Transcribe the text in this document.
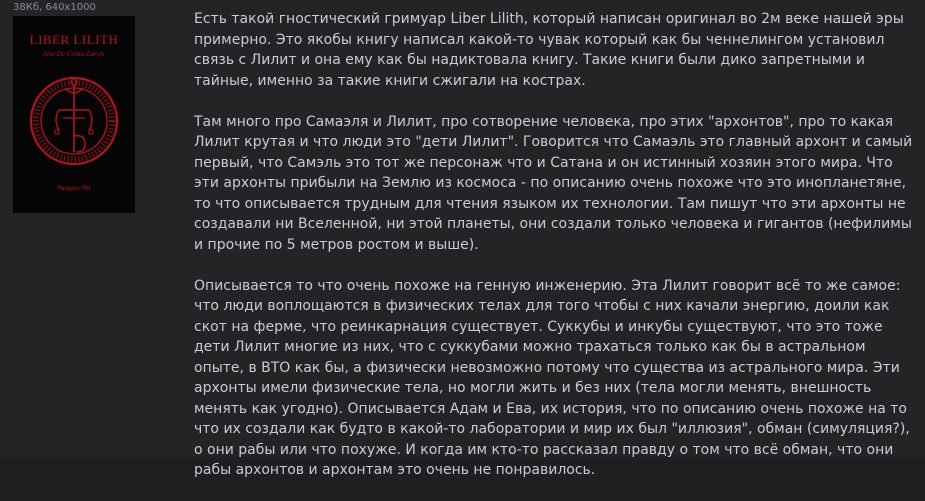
38Кб, 640x1000
LIBER LILITH
Sive De Coitus Larvis
Sanguis Shi

Есть такой гностический гримуар Liber Lilith, который написан оригинал во 2м веке нашей эры примерно. Это якобы книгу написал какой-то чувак который как бы ченнелингом установил связь с Лилит и она ему как бы надиктовала книгу. Такие книги были дико запретными и тайные, именно за такие книги сжигали на кострах.

Там много про Самаэля и Лилит, про сотворение человека, про этих "архонтов", про то какая Лилит крутая и что люди это "дети Лилит". Говорится что Самаэль это главный архонт и самый первый, что Самэль это тот же персонаж что и Сатана и он истинный хозяин этого мира. Что эти архонты прибыли на Землю из космоса - по описанию очень похоже что это инопланетяне, то что описывается трудным для чтения языком их технологии. Там пишут что эти архонты не создавали ни Вселенной, ни этой планеты, они создали только человека и гигантов (нефилимы и прочие по 5 метров ростом и выше).

Описывается то что очень похоже на генную инженерию. Эта Лилит говорит всё то же самое: что люди воплощаются в физических телах для того чтобы с них качали энергию, доили как скот на ферме, что реинкарнация существует. Суккубы и инкубы существуют, что это тоже дети Лилит многие из них, что с суккубами можно трахаться только как бы в астральном опыте, в ВТО как бы, а физически невозможно потому что существа из астрального мира. Эти архонты имели физические тела, но могли жить и без них (тела могли менять, внешность менять как угодно). Описывается Адам и Ева, их история, что по описанию очень похоже на то что их создали как будто в какой-то лаборатории и мир их был "иллюзия", обман (симуляция?), о они рабы или что похуже. И когда им кто-то рассказал правду о том что всё обман, что они рабы архонтов и архонтам это очень не понравилось.
